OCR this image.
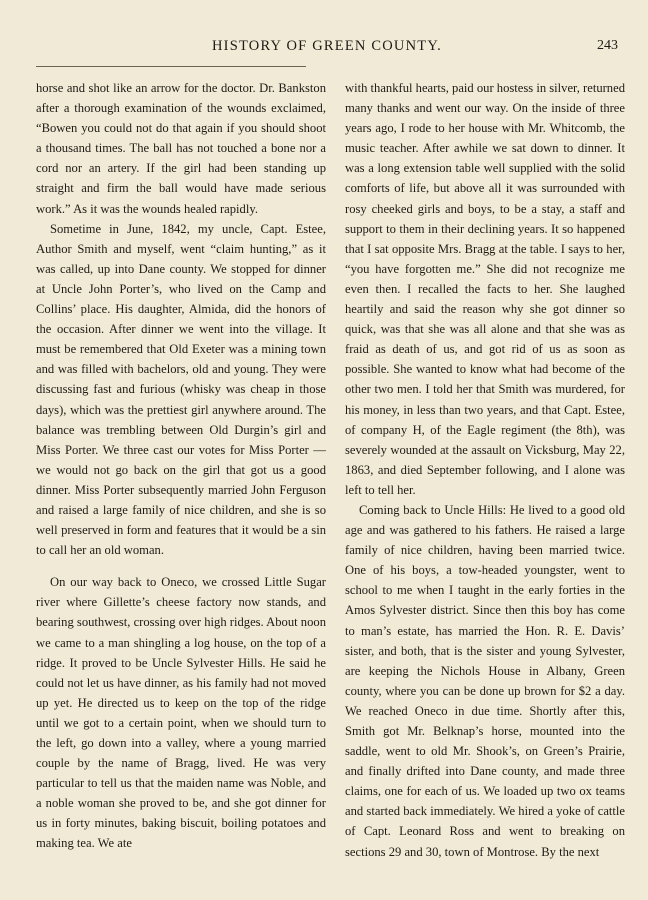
HISTORY OF GREEN COUNTY.	243

horse and shot like an arrow for the doctor. Dr. Bankston after a thorough examination of the wounds exclaimed, “Bowen you could not do that again if you should shoot a thousand times. The ball has not touched a bone nor a cord nor an artery. If the girl had been standing up straight and firm the ball would have made serious work.” As it was the wounds healed rapidly.

Sometime in June, 1842, my uncle, Capt. Estee, Author Smith and myself, went “claim hunting,” as it was called, up into Dane county. We stopped for dinner at Uncle John Porter’s, who lived on the Camp and Collins’ place. His daughter, Almida, did the honors of the occasion. After dinner we went into the village. It must be remembered that Old Exeter was a mining town and was filled with bachelors, old and young. They were discussing fast and furious (whisky was cheap in those days), which was the prettiest girl anywhere around. The balance was trembling between Old Durgin’s girl and Miss Porter. We three cast our votes for Miss Porter —we would not go back on the girl that got us a good dinner. Miss Porter subsequently married John Ferguson and raised a large family of nice children, and she is so well preserved in form and features that it would be a sin to call her an old woman.

On our way back to Oneco, we crossed Little Sugar river where Gillette’s cheese factory now stands, and bearing southwest, crossing over high ridges. About noon we came to a man shingling a log house, on the top of a ridge. It proved to be Uncle Sylvester Hills. He said he could not let us have dinner, as his family had not moved up yet. He directed us to keep on the top of the ridge until we got to a certain point, when we should turn to the left, go down into a valley, where a young married couple by the name of Bragg, lived. He was very particular to tell us that the maiden name was Noble, and a noble woman she proved to be, and she got dinner for us in forty minutes, baking biscuit, boiling potatoes and making tea. We ate

with thankful hearts, paid our hostess in silver, returned many thanks and went our way. On the inside of three years ago, I rode to her house with Mr. Whitcomb, the music teacher. After awhile we sat down to dinner. It was a long extension table well supplied with the solid comforts of life, but above all it was surrounded with rosy cheeked girls and boys, to be a stay, a staff and support to them in their declining years. It so happened that I sat opposite Mrs. Bragg at the table. I says to her, “you have forgotten me.” She did not recognize me even then. I recalled the facts to her. She laughed heartily and said the reason why she got dinner so quick, was that she was all alone and that she was as fraid as death of us, and got rid of us as soon as possible. She wanted to know what had become of the other two men. I told her that Smith was murdered, for his money, in less than two years, and that Capt. Estee, of company H, of the Eagle regiment (the 8th), was severely wounded at the assault on Vicksburg, May 22, 1863, and died September following, and I alone was left to tell her.

Coming back to Uncle Hills: He lived to a good old age and was gathered to his fathers. He raised a large family of nice children, having been married twice. One of his boys, a tow-headed youngster, went to school to me when I taught in the early forties in the Amos Sylvester district. Since then this boy has come to man’s estate, has married the Hon. R. E. Davis’ sister, and both, that is the sister and young Sylvester, are keeping the Nichols House in Albany, Green county, where you can be done up brown for $2 a day. We reached Oneco in due time. Shortly after this, Smith got Mr. Belknap’s horse, mounted into the saddle, went to old Mr. Shook’s, on Green’s Prairie, and finally drifted into Dane county, and made three claims, one for each of us. We loaded up two ox teams and started back immediately. We hired a yoke of cattle of Capt. Leonard Ross and went to breaking on sections 29 and 30, town of Montrose. By the next
